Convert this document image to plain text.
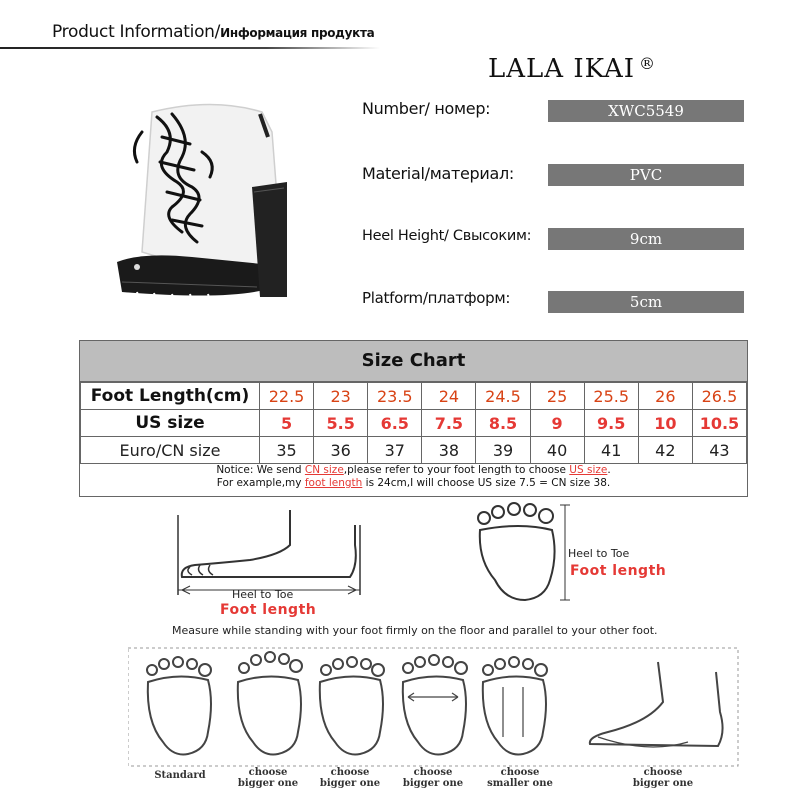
Product Information/Информация продукта
LALA IKAI ®
Number/ номер:	XWC5549
Material/материал:	PVC
Heel Height/ Свысоким:	9cm
Platform/платформ:	5cm
Size Chart
Foot Length(cm)	22.5	23	23.5	24	24.5	25	25.5	26	26.5
US size	5	5.5	6.5	7.5	8.5	9	9.5	10	10.5
Euro/CN size	35	36	37	38	39	40	41	42	43
Notice: We send CN size,please refer to your foot length to choose US size.
For example,my foot length is 24cm,I will choose US size 7.5 = CN size 38.
Heel to Toe
Foot length
Heel to Toe
Foot length
Measure while standing with your foot firmly on the floor and parallel to your other foot.
Standard	choose
bigger one
choose
bigger one
choose
bigger one
choose
smaller one
choose
bigger one
